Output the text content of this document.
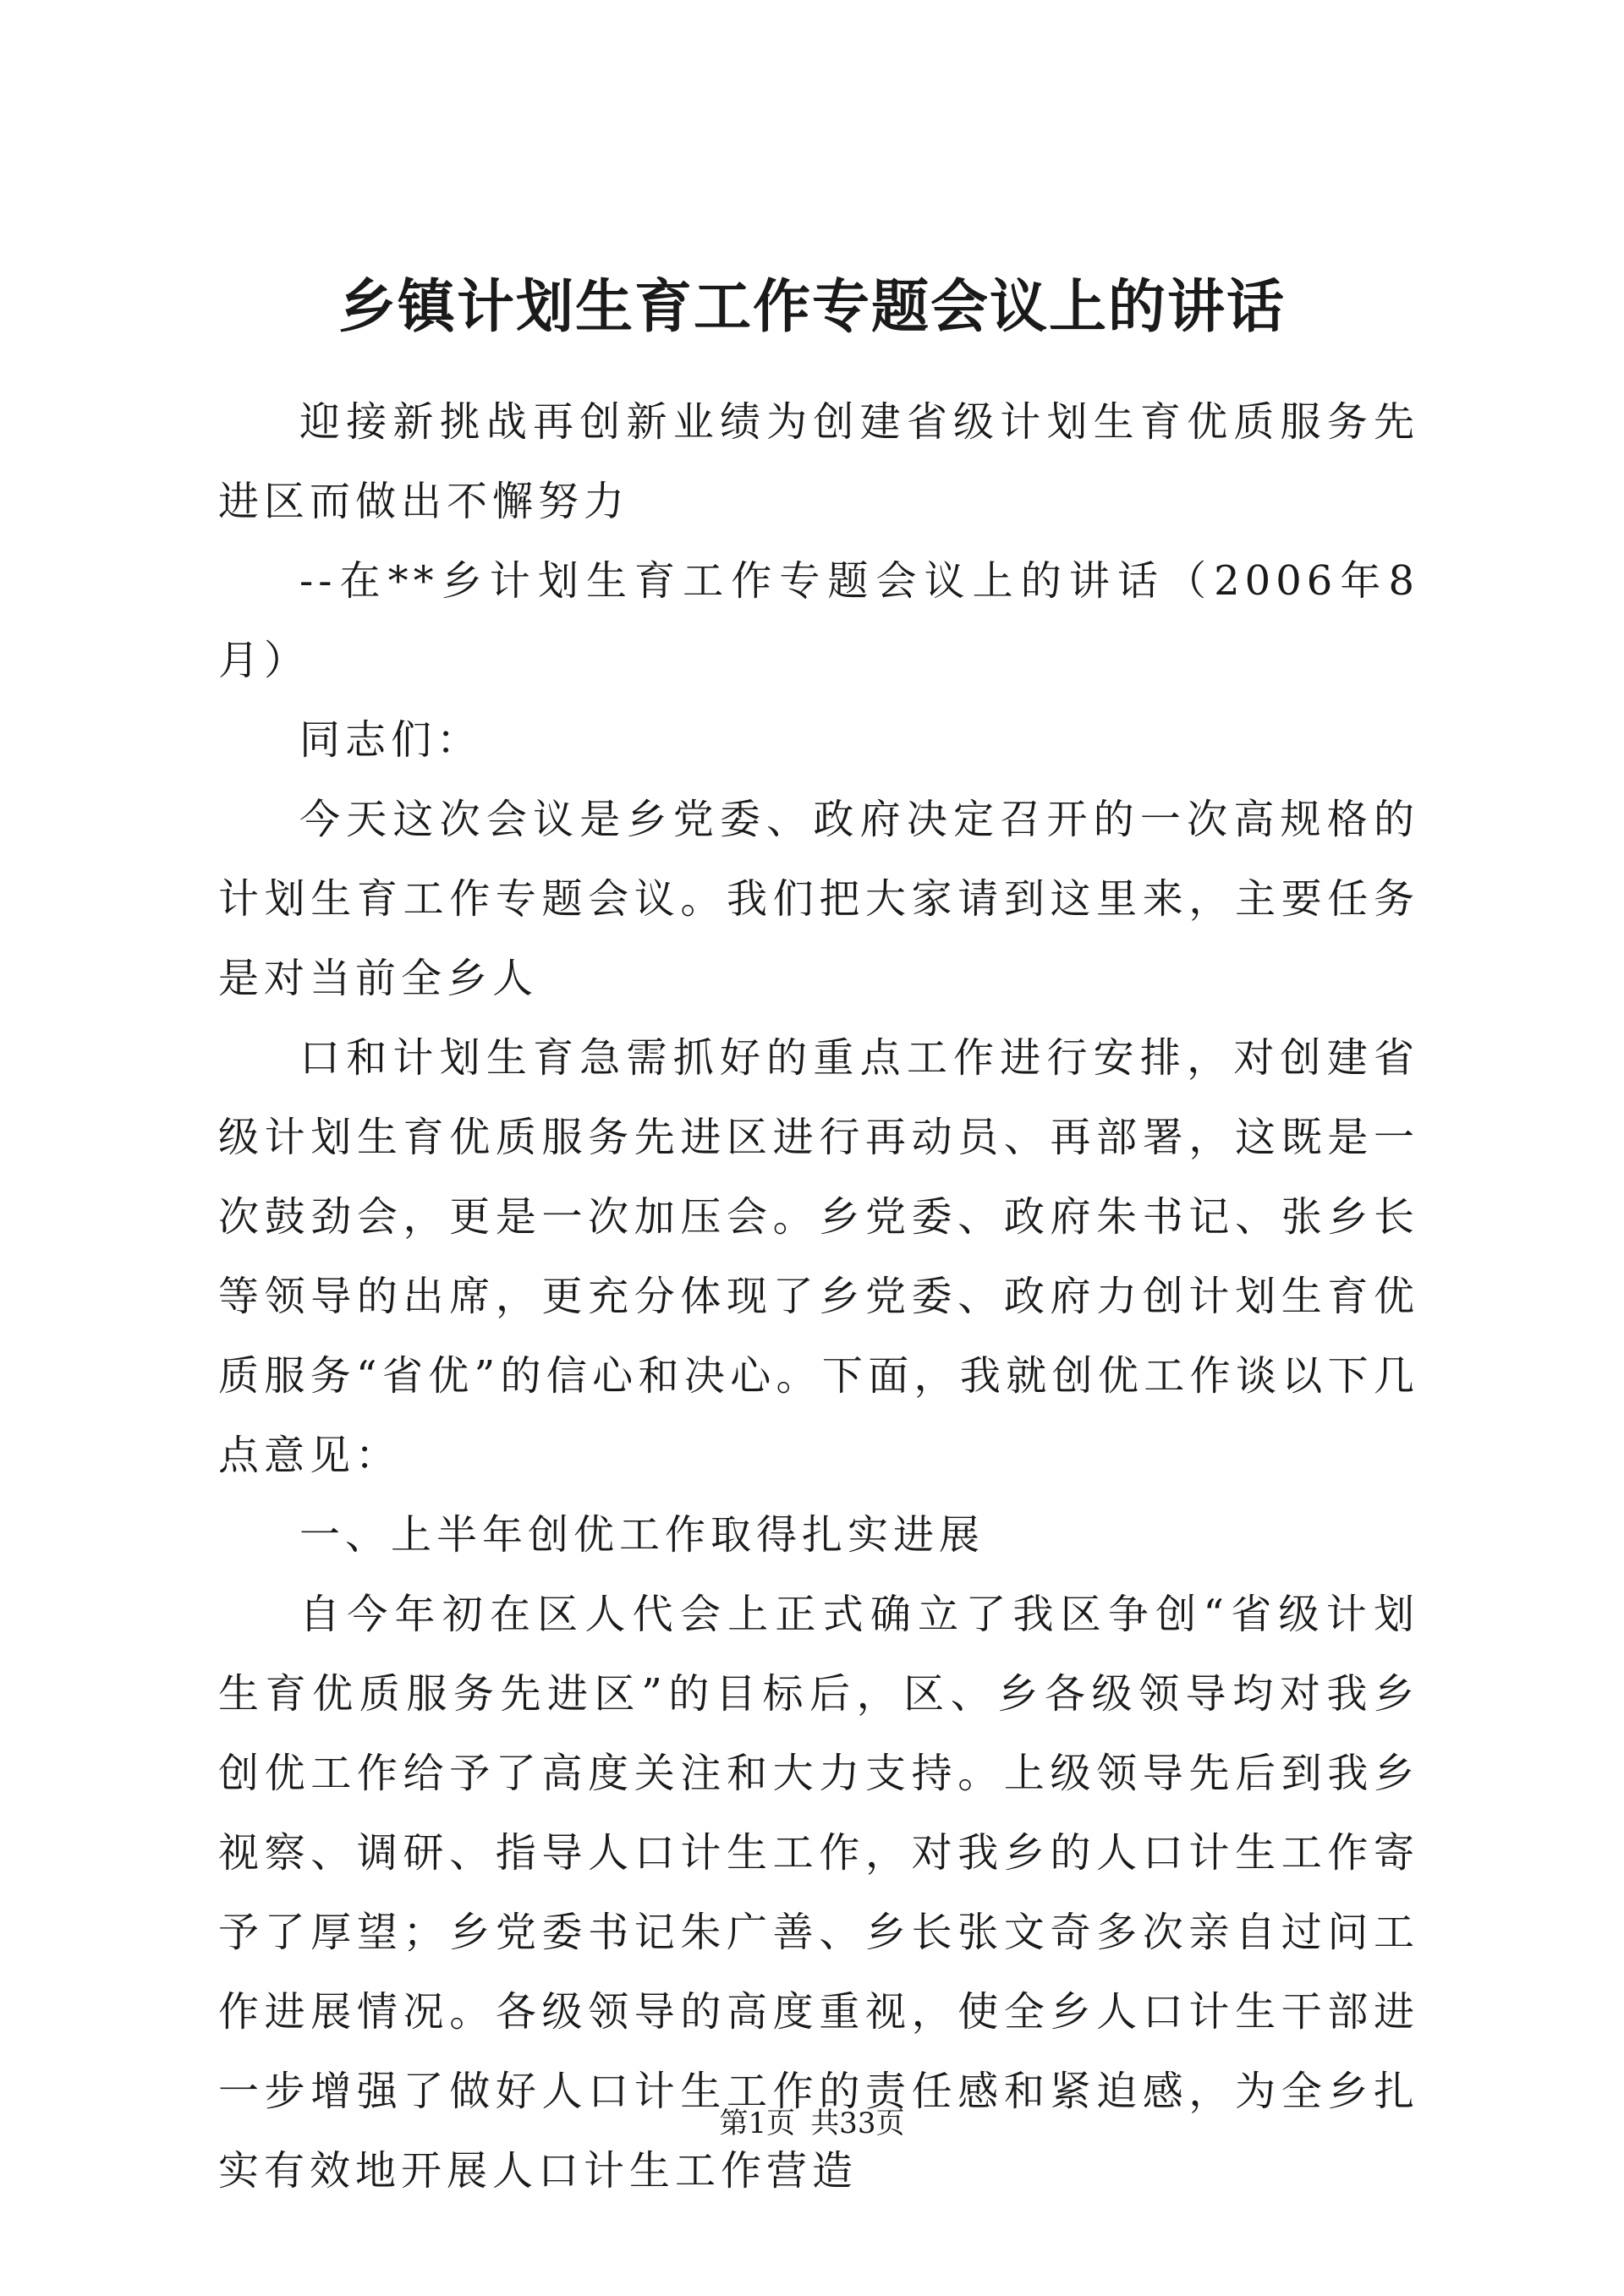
乡镇计划生育工作专题会议上的讲话

迎接新挑战再创新业绩为创建省级计划生育优质服务先进区而做出不懈努力

--在**乡计划生育工作专题会议上的讲话（2006年8月）

同志们：

今天这次会议是乡党委、政府决定召开的一次高规格的计划生育工作专题会议。我们把大家请到这里来，主要任务是对当前全乡人

口和计划生育急需抓好的重点工作进行安排，对创建省级计划生育优质服务先进区进行再动员、再部署，这既是一次鼓劲会，更是一次加压会。乡党委、政府朱书记、张乡长等领导的出席，更充分体现了乡党委、政府力创计划生育优质服务“省优”的信心和决心。下面，我就创优工作谈以下几点意见：

一、上半年创优工作取得扎实进展

自今年初在区人代会上正式确立了我区争创“省级计划生育优质服务先进区”的目标后，区、乡各级领导均对我乡创优工作给予了高度关注和大力支持。上级领导先后到我乡视察、调研、指导人口计生工作，对我乡的人口计生工作寄予了厚望；乡党委书记朱广善、乡长张文奇多次亲自过问工作进展情况。各级领导的高度重视，使全乡人口计生干部进一步增强了做好人口计生工作的责任感和紧迫感，为全乡扎实有效地开展人口计生工作营造

第1页 共33页
